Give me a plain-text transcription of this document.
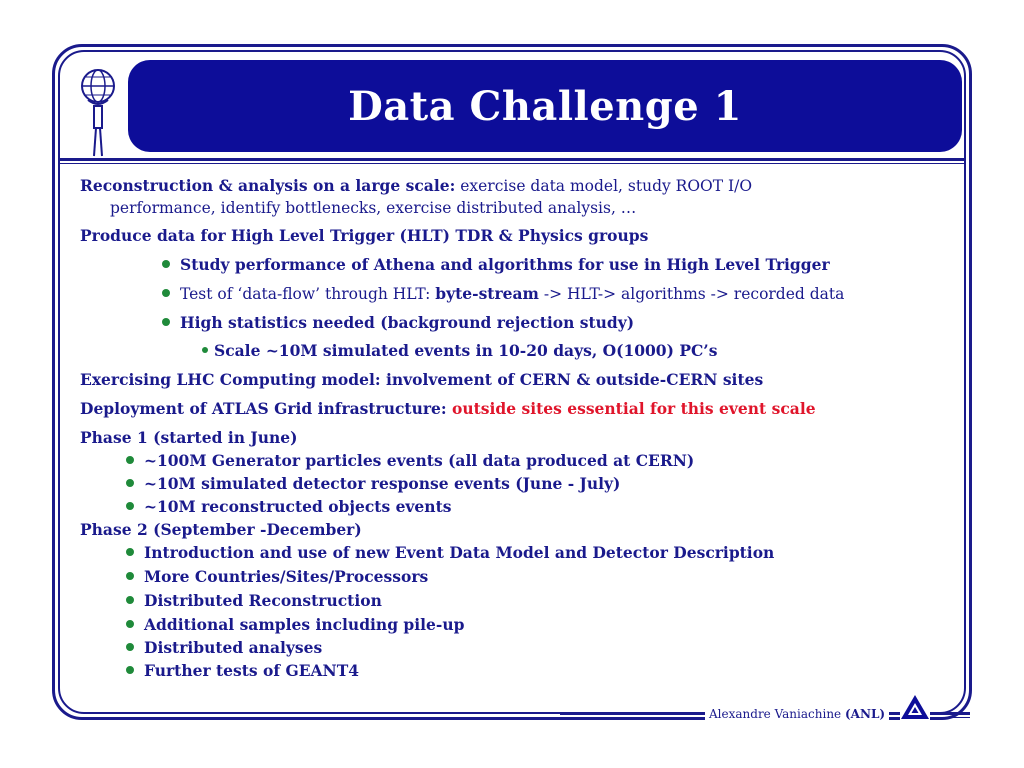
Data Challenge 1
Reconstruction & analysis on a large scale: exercise data model, study ROOT I/O
performance, identify bottlenecks, exercise distributed analysis, …
Produce data for High Level Trigger (HLT) TDR & Physics groups
Study performance of Athena and algorithms for use in High Level Trigger
Test of ‘data-flow’ through HLT: byte-stream -> HLT-> algorithms -> recorded data
High statistics needed (background rejection study)
Scale ~10M simulated events in 10-20 days, O(1000) PC’s
Exercising LHC Computing model: involvement of CERN & outside-CERN sites
Deployment of ATLAS Grid infrastructure: outside sites essential for this event scale
Phase 1 (started in June)
~100M Generator particles events (all data produced at CERN)
~10M simulated detector response events (June - July)
~10M reconstructed objects events
Phase 2 (September -December)
Introduction and use of new Event Data Model and Detector Description
More Countries/Sites/Processors
Distributed Reconstruction
Additional samples including pile-up
Distributed analyses
Further tests of GEANT4
Alexandre Vaniachine (ANL)
